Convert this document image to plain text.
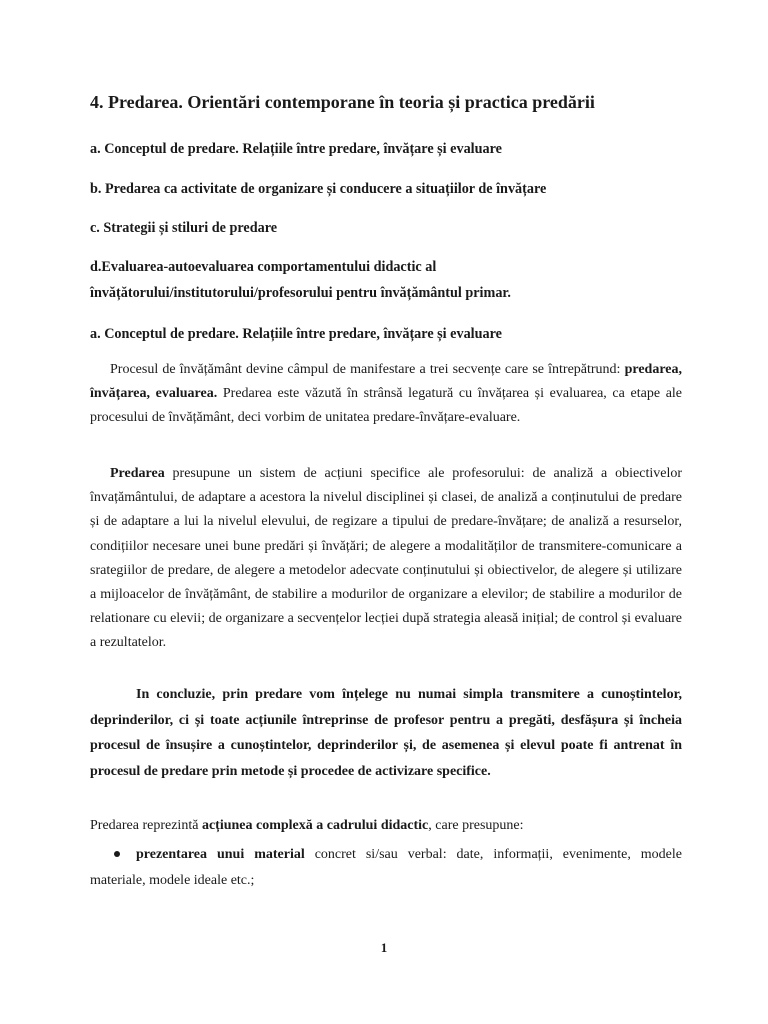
4. Predarea. Orientări contemporane în teoria și practica predării

a. Conceptul de predare. Relațiile între predare, învățare și evaluare

b. Predarea ca activitate de organizare și conducere a situațiilor de învățare

c. Strategii și stiluri de predare

d.Evaluarea-autoevaluarea comportamentului didactic al învățătorului/institutorului/profesorului pentru învățământul primar.

a. Conceptul de predare. Relațiile între predare, învățare și evaluare

Procesul de învățământ devine câmpul de manifestare a trei secvențe care se întrepătrund: predarea, învățarea, evaluarea. Predarea este văzută în strânsă legatură cu învățarea și evaluarea, ca etape ale procesului de învățământ, deci vorbim de unitatea predare-învățare-evaluare.

Predarea presupune un sistem de acțiuni specifice ale profesorului: de analiză a obiectivelor învațământului, de adaptare a acestora la nivelul disciplinei și clasei, de analiză a conținutului de predare și de adaptare a lui la nivelul elevului, de regizare a tipului de predare-învățare; de analiză a resurselor, condițiilor necesare unei bune predări și învățări; de alegere a modalităților de transmitere-comunicare a srategiilor de predare, de alegere a metodelor adecvate conținutului și obiectivelor, de alegere și utilizare a mijloacelor de învățământ, de stabilire a modurilor de organizare a elevilor; de stabilire a modurilor de relationare cu elevii; de organizare a secvențelor lecției după strategia aleasă inițial; de control și evaluare a rezultatelor.

In concluzie, prin predare vom înțelege nu numai simpla transmitere a cunoștintelor, deprinderilor, ci și toate acțiunile întreprinse de profesor pentru a pregăti, desfășura și încheia procesul de însușire a cunoștintelor, deprinderilor și, de asemenea și elevul poate fi antrenat în procesul de predare prin metode și procedee de activizare specifice.

Predarea reprezintă acțiunea complexă a cadrului didactic, care presupune:

prezentarea unui material concret si/sau verbal: date, informații, evenimente, modele materiale, modele ideale etc.;

1
